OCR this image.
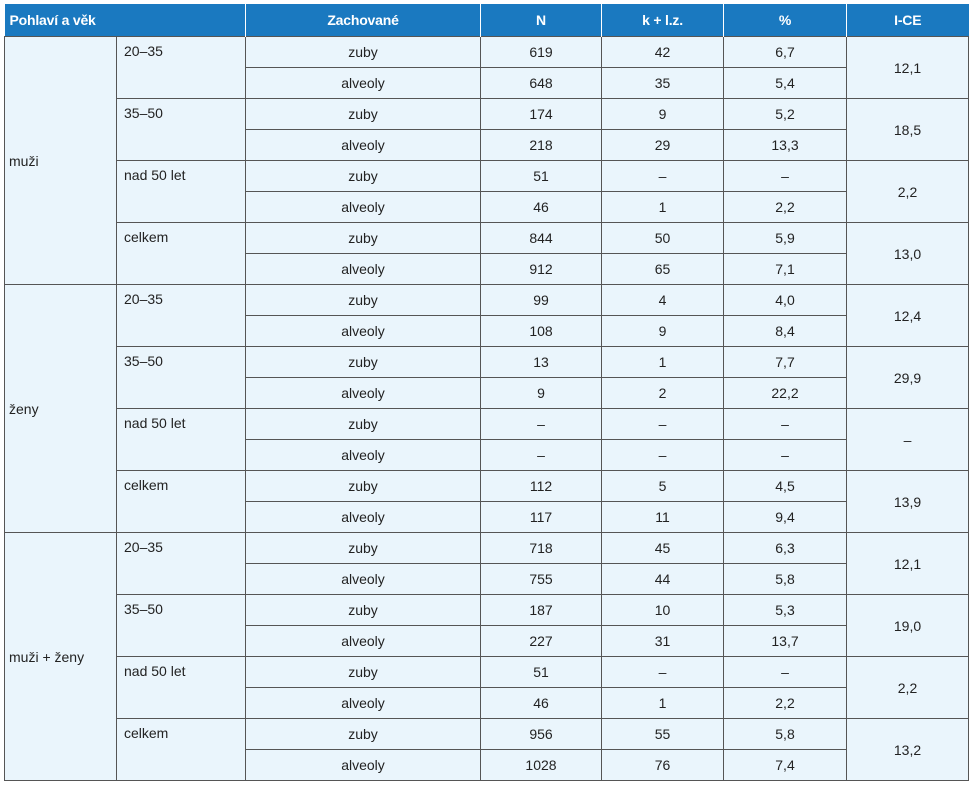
Pohlaví a věk		Zachované	N	k + l.z.	%	I-CE
muži	20–35	zuby	619	42	6,7	12,1
		alveoly	648	35	5,4	
	35–50	zuby	174	9	5,2	18,5
		alveoly	218	29	13,3	
	nad 50 let	zuby	51	–	–	2,2
		alveoly	46	1	2,2	
	celkem	zuby	844	50	5,9	13,0
		alveoly	912	65	7,1	
ženy	20–35	zuby	99	4	4,0	12,4
		alveoly	108	9	8,4	
	35–50	zuby	13	1	7,7	29,9
		alveoly	9	2	22,2	
	nad 50 let	zuby	–	–	–	–
		alveoly	–	–	–	
	celkem	zuby	112	5	4,5	13,9
		alveoly	117	11	9,4	
muži + ženy	20–35	zuby	718	45	6,3	12,1
		alveoly	755	44	5,8	
	35–50	zuby	187	10	5,3	19,0
		alveoly	227	31	13,7	
	nad 50 let	zuby	51	–	–	2,2
		alveoly	46	1	2,2	
	celkem	zuby	956	55	5,8	13,2
		alveoly	1028	76	7,4	
